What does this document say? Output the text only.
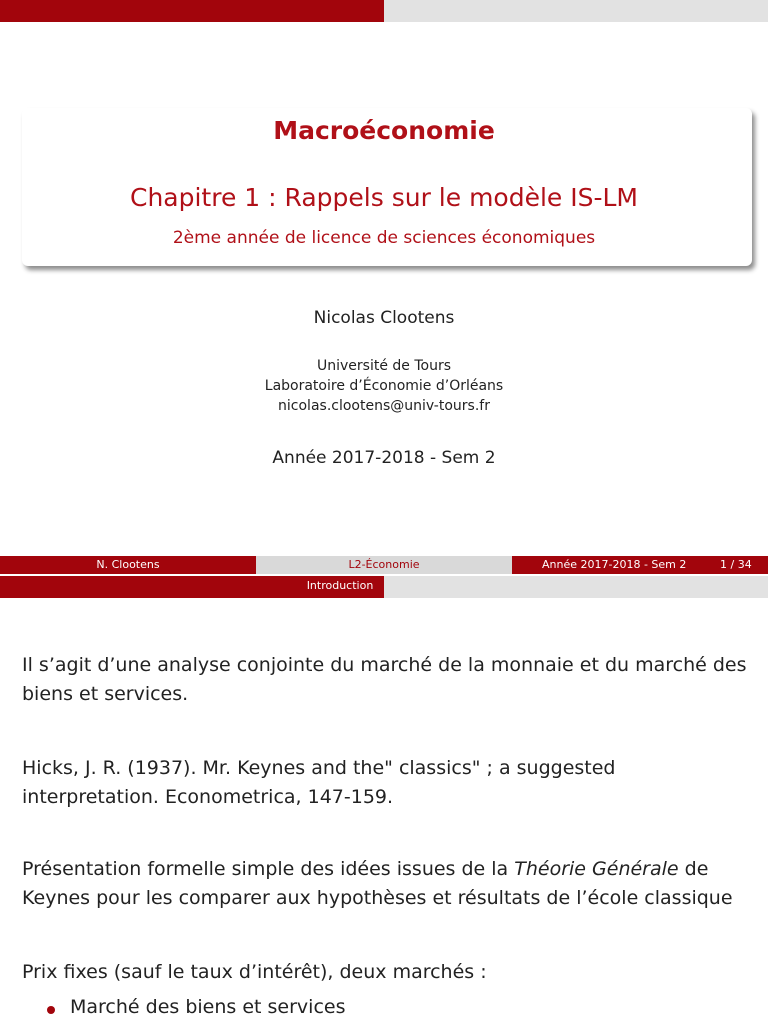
Macroéconomie
Chapitre 1 : Rappels sur le modèle IS-LM
2ème année de licence de sciences économiques
Nicolas Clootens
Université de Tours
Laboratoire d’Économie d’Orléans
nicolas.clootens@univ-tours.fr
Année 2017-2018 - Sem 2
N. Clootens	L2-Économie	Année 2017-2018 - Sem 2	1 / 34
Introduction
Il s’agit d’une analyse conjointe du marché de la monnaie et du marché des biens et services.
Hicks, J. R. (1937). Mr. Keynes and the" classics" ; a suggested interpretation. Econometrica, 147-159.
Présentation formelle simple des idées issues de la Théorie Générale de Keynes pour les comparer aux hypothèses et résultats de l’école classique
Prix fixes (sauf le taux d’intérêt), deux marchés :
Marché des biens et services
